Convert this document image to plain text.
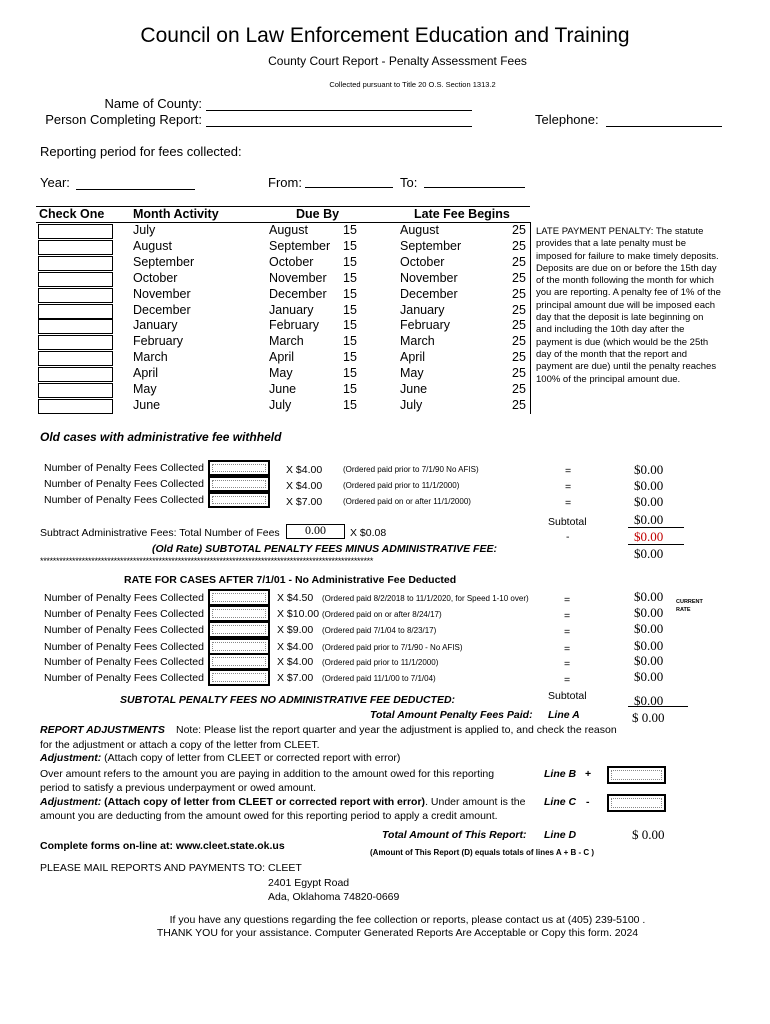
Council on Law Enforcement Education and Training
County Court Report - Penalty Assessment Fees
Collected pursuant to Title 20 O.S. Section 1313.2
Name of County:
Person Completing Report:	Telephone:
Reporting period for fees collected:
Year:	From:	To:
Check One Month Activity	Due By	Late Fee Begins
July	August	15	August	25
August	September 15	September	25
September	October 15	October	25
October	November 15	November	25
November	December 15	December	25
December	January 15	January	25
January	February 15	February	25
February	March	15	March	25
March	April	15	April	25
April	May	15	May	25
May	June	15	June	25
June	July	15	July	25
LATE PAYMENT PENALTY: The statute provides that a late penalty must be imposed for failure to make timely deposits. Deposits are due on or before the 15th day of the month following the month for which you are reporting. A penalty fee of 1% of the principal amount due will be imposed each day that the deposit is late beginning on and including the 10th day after the payment is due (which would be the 25th day of the month that the report and payment are due) until the penalty reaches 100% of the principal amount due.
Old cases with administrative fee withheld
Number of Penalty Fees Collected	X $4.00	(Ordered paid prior to 7/1/90 No AFIS)	=	$0.00
Number of Penalty Fees Collected	X $4.00	(Ordered paid prior to 11/1/2000)	=	$0.00
Number of Penalty Fees Collected	X $7.00	(Ordered paid on or after 11/1/2000)	=	$0.00
Subtotal	$0.00
Subtract Administrative Fees: Total Number of Fees	0.00	X $0.08	-	$0.00
(Old Rate) SUBTOTAL PENALTY FEES MINUS ADMINISTRATIVE FEE:	$0.00
********************************************************************************************************
RATE FOR CASES AFTER 7/1/01 - No Administrative Fee Deducted
Number of Penalty Fees Collected	X $4.50 (Ordered paid 8/2/2018 to 11/1/2020, for Speed 1-10 over)	=	$0.00
Number of Penalty Fees Collected	X $10.00 (Ordered paid on or after 8/24/17)	=	$0.00
Number of Penalty Fees Collected	X $9.00 (Ordered paid 7/1/04 to 8/23/17)	=	$0.00
Number of Penalty Fees Collected	X $4.00 (Ordered paid prior to 7/1/90 - No AFIS)	=	$0.00
Number of Penalty Fees Collected	X $4.00 (Ordered paid prior to 11/1/2000)	=	$0.00
Number of Penalty Fees Collected	X $7.00 (Ordered paid 11/1/00 to 7/1/04)	=	$0.00
CURRENT RATE
SUBTOTAL PENALTY FEES NO ADMINISTRATIVE FEE DEDUCTED:	Subtotal	$0.00
Total Amount Penalty Fees Paid: Line A	$ 0.00
REPORT ADJUSTMENTS Note: Please list the report quarter and year the adjustment is applied to, and check the reason
for the adjustment or attach a copy of the letter from CLEET.
Adjustment: (Attach copy of letter from CLEET or corrected report with error)
Over amount refers to the amount you are paying in addition to the amount owed for this reporting
period to satisfy a previous underpayment or owed amount.
Adjustment: (Attach copy of letter from CLEET or corrected report with error). Under amount is the
amount you are deducting from the amount owed for this reporting period to apply a credit amount.
Line B +
Line C -
Total Amount of This Report: Line D	$ 0.00
(Amount of This Report (D) equals totals of lines A + B - C )
Complete forms on-line at: www.cleet.state.ok.us
PLEASE MAIL REPORTS AND PAYMENTS TO: CLEET
2401 Egypt Road
Ada, Oklahoma 74820-0669
If you have any questions regarding the fee collection or reports, please contact us at (405) 239-5100 .
THANK YOU for your assistance. Computer Generated Reports Are Acceptable or Copy this form. 2024
